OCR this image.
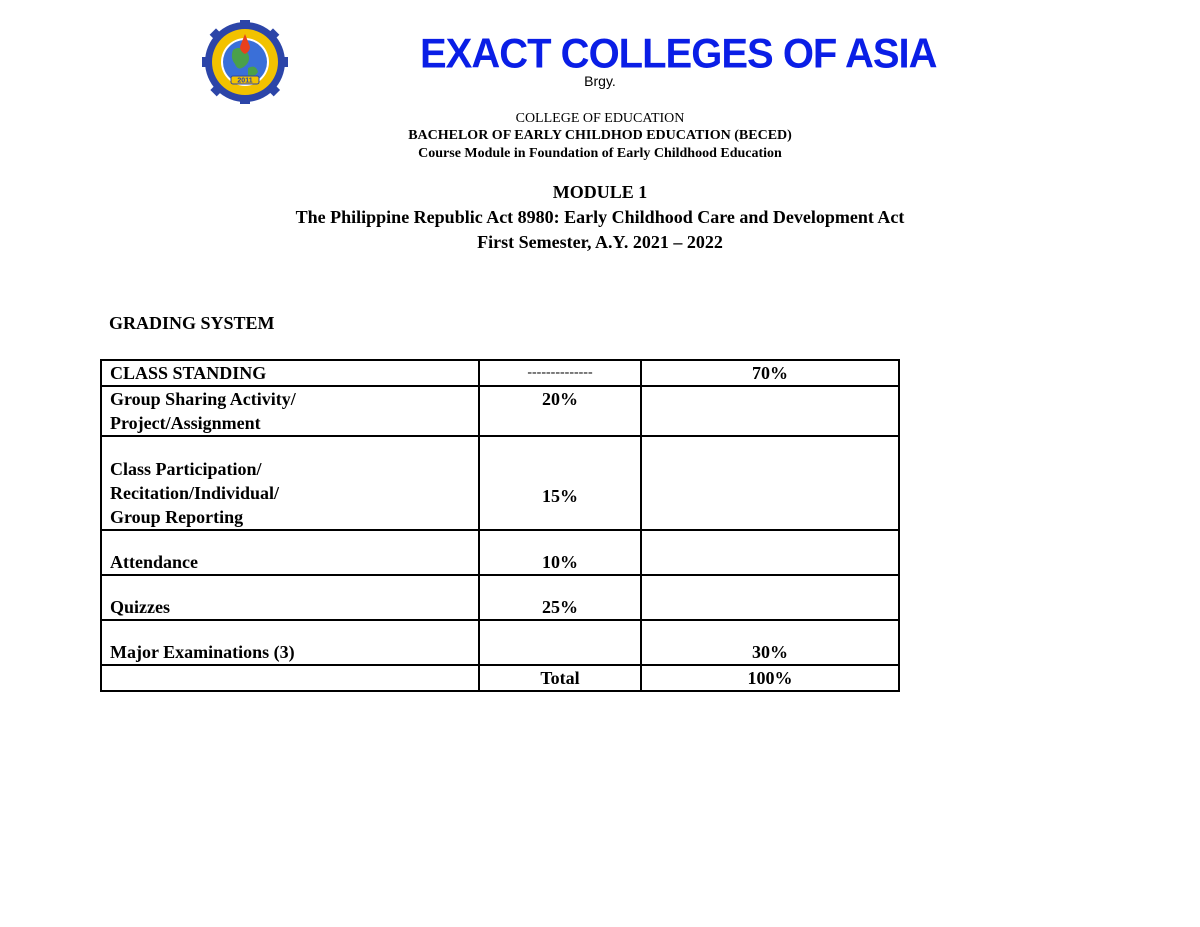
2011
EXACT COLLEGES OF ASIA
Brgy.
COLLEGE OF EDUCATION
BACHELOR OF EARLY CHILDHOD EDUCATION (BECED)
Course Module in Foundation of Early Childhood Education
MODULE 1
The Philippine Republic Act 8980: Early Childhood Care and Development Act
First Semester, A.Y. 2021 – 2022
GRADING SYSTEM
CLASS STANDING	--------------	70%

Group Sharing Activity/
Project/Assignment	20%	

Class Participation/
Recitation/Individual/
Group Reporting	15%	
Attendance	10%	
Quizzes	25%	
Major Examinations (3)		30%
	Total	100%
